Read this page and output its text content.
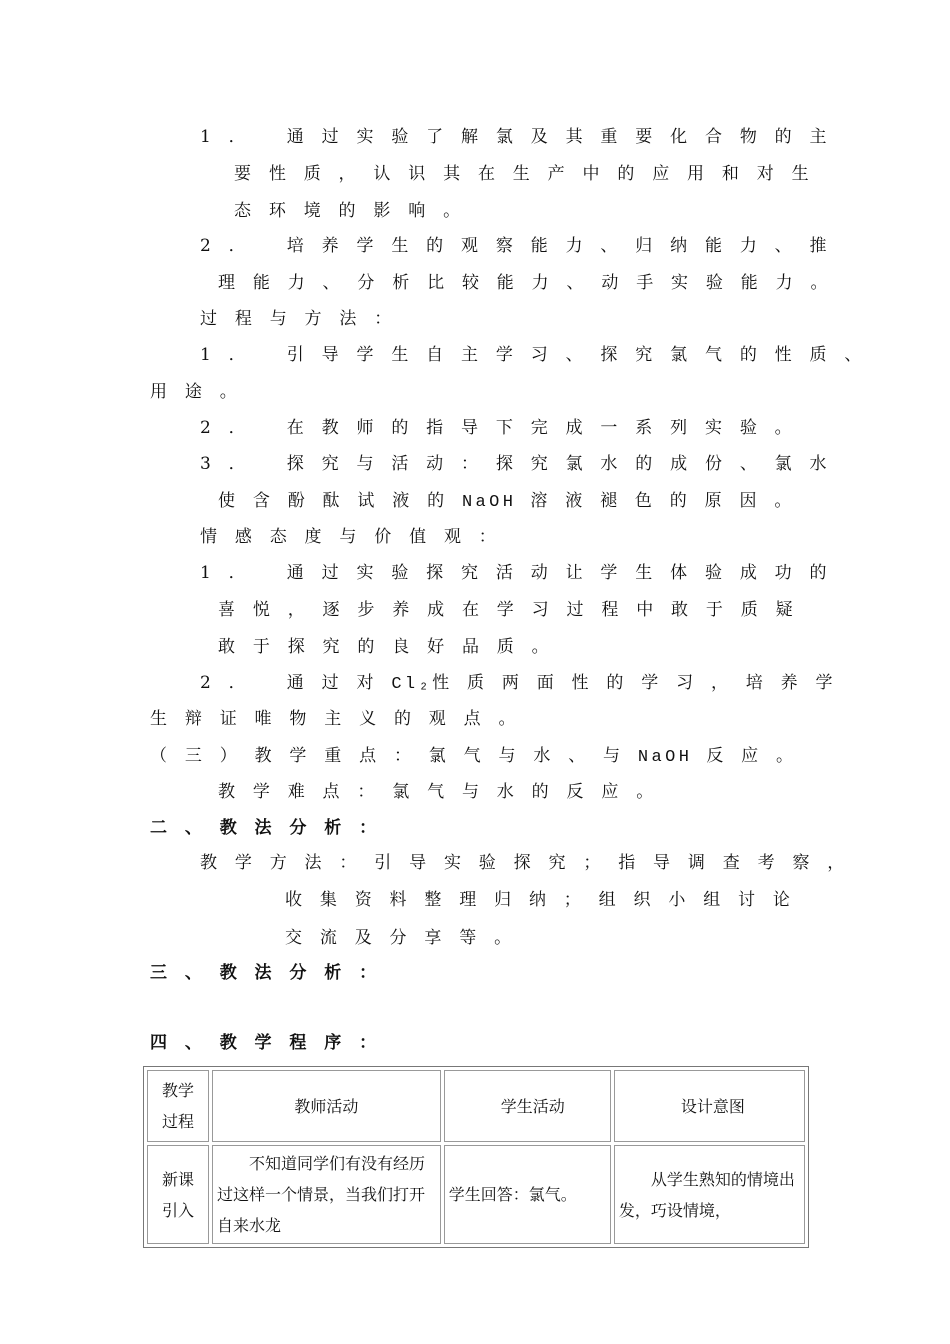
1． 通过实验了解氯及其重要化合物的主
要性质，认识其在生产中的应用和对生
态环境的影响。
2． 培养学生的观察能力、归纳能力、推
理能力、分析比较能力、动手实验能力。
过程与方法：
1． 引导学生自主学习、探究氯气的性质、
用途。
2． 在教师的指导下完成一系列实验。
3． 探究与活动：探究氯水的成份、氯水
使含酚酞试液的NaOH 溶液褪色的原因。
情感态度与价值观：
1． 通过实验探究活动让学生体验成功的
喜悦，逐步养成在学习过程中敢于质疑
敢于探究的良好品质。
2． 通过对Cl₂性质两面性的学习，培养学
生辩证唯物主义的观点。
（三）教学重点：氯气与水、与NaOH 反应。
教学难点：氯气与水的反应。
二、教法分析：
教学方法：引导实验探究；指导调查考察，
收集资料整理归纳；组织小组讨论
交流及分享等。
三、教法分析：
四、教学程序：
教学过程	教师活动	学生活动	设计意图

新课引入	不知道同学们有没有经历过这样一个情景，当我们打开自来水龙	学生回答：氯气。	从学生熟知的情境出发，巧设情境，
